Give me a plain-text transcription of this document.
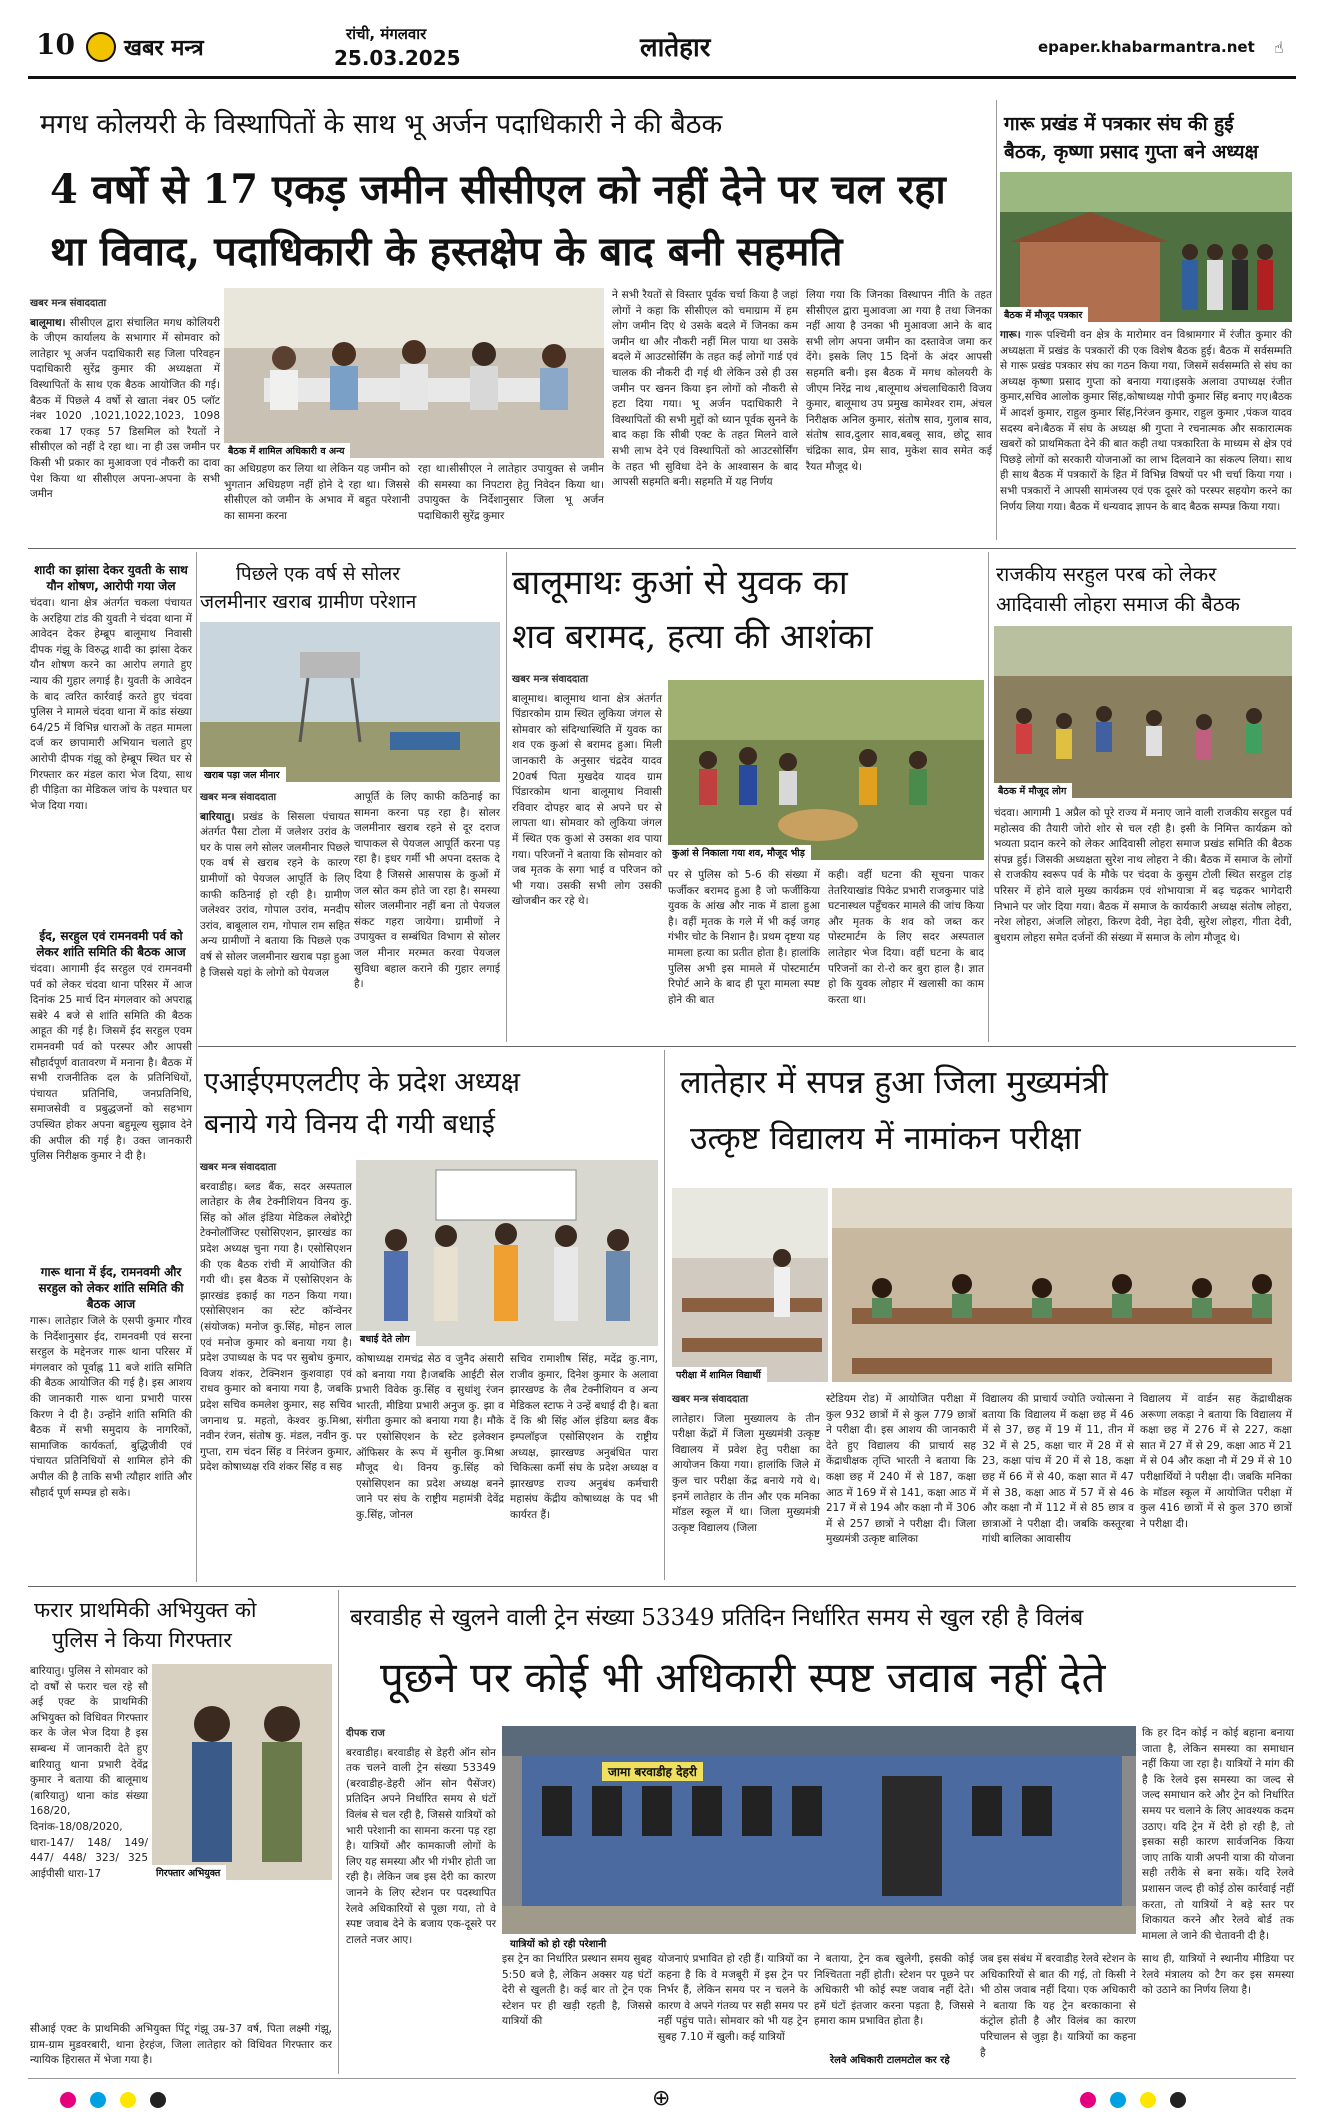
10 खबर मन्त्र
रांची, मंगलवार
25.03.2025	लातेहार	epaper.khabarmantra.net ☝
मगध कोलयरी के विस्थापितों के साथ भू अर्जन पदाधिकारी ने की बैठक
4 वर्षो से 17 एकड़ जमीन सीसीएल को नहीं देने पर चल रहा
था विवाद, पदाधिकारी के हस्तक्षेप के बाद बनी सहमति
खबर मन्त्र संवाददाता
बालूमाथ। सीसीएल द्वारा संचालित मगध कोलियरी के जीएम कार्यालय के सभागार में सोमवार को लातेहार भू अर्जन पदाधिकारी सह जिला परिवहन पदाधिकारी सुरेंद्र कुमार की अध्यक्षता में विस्थापितों के साथ एक बैठक आयोजित की गई। बैठक में पिछले 4 वर्षो से खाता नंबर 05 प्लॉट नंबर 1020 ,1021,1022,1023, 1098 रकबा 17 एकड़ 57 डिसमिल को रैयतों ने सीसीएल को नहीं दे रहा था। ना ही उस जमीन पर किसी भी प्रकार का मुआवजा एवं नौकरी का दावा पेश किया था सीसीएल अपना-अपना के सभी जमीन
बैठक में शामिल अधिकारी व अन्य
का अधिग्रहण कर लिया था लेकिन यह जमीन को भुगतान अधिग्रहण नहीं होने दे रहा था। जिससे सीसीएल को जमीन के अभाव में बहुत परेशानी का सामना करना
रहा था।सीसीएल ने लातेहार उपायुक्त से जमीन की समस्या का निपटारा हेतु निवेदन किया था। उपायुक्त के निर्देशानुसार जिला भू अर्जन पदाधिकारी सुरेंद्र कुमार
ने सभी रैयतों से विस्तार पूर्वक चर्चा किया है जहां लोगों ने कहा कि सीसीएल को चमाग्राम में हम लोग जमीन दिए थे उसके बदले में जिनका कम जमीन था और नौकरी नहीं मिल पाया था उसके बदले में आउटसोर्सिंग के तहत कई लोगों गार्ड एवं चालक की नौकरी दी गई थी लेकिन उसे ही उस जमीन पर खनन किया इन लोगों को नौकरी से हटा दिया गया। भू अर्जन पदाधिकारी ने विस्थापितों की सभी मुद्दों को ध्यान पूर्वक सुनने के बाद कहा कि सीबी एक्ट के तहत मिलने वाले सभी लाभ देने एवं विस्थापितों को आउटसोर्सिंग के तहत भी सुविधा देने के आश्वासन के बाद आपसी सहमति बनी। सहमति में यह निर्णय
लिया गया कि जिनका विस्थापन नीति के तहत सीसीएल द्वारा मुआवजा आ गया है तथा जिनका नहीं आया है उनका भी मुआवजा आने के बाद सभी लोग अपना जमीन का दस्तावेज जमा कर देंगे। इसके लिए 15 दिनों के अंदर आपसी सहमति बनी। इस बैठक में मगध कोलयरी के जीएम निरेंद्र नाथ ,बालूमाथ अंचलाधिकारी विजय कुमार, बालूमाथ उप प्रमुख कामेश्वर राम, अंचल निरीक्षक अनिल कुमार, संतोष साव, गुलाब साव, संतोष साव,दुलार साव,बबलू साव, छोटू साव चंद्रिका साव, प्रेम साव, मुकेश साव समेत कई रैयत मौजूद थे।
गारू प्रखंड में पत्रकार संघ की हुई
बैठक, कृष्णा प्रसाद गुप्ता बने अध्यक्ष
बैठक में मौजूद पत्रकार
गारू। गारू पश्चिमी वन क्षेत्र के मारोमार वन विश्रामगार में रंजीत कुमार की अध्यक्षता में प्रखंड के पत्रकारों की एक विशेष बैठक हुई। बैठक में सर्वसम्मति से गारू प्रखंड पत्रकार संघ का गठन किया गया, जिसमें सर्वसम्मति से संघ का अध्यक्ष कृष्णा प्रसाद गुप्ता को बनाया गया।इसके अलावा उपाध्यक्ष रंजीत कुमार,सचिव आलोक कुमार सिंह,कोषाध्यक्ष गोपी कुमार सिंह बनाए गए।बैठक में आदर्श कुमार, राहुल कुमार सिंह,निरंजन कुमार, राहुल कुमार ,पंकज यादव सदस्य बने।बैठक में संघ के अध्यक्ष श्री गुप्ता ने रचनात्मक और सकारात्मक खबरों को प्राथमिकता देने की बात कही तथा पत्रकारिता के माध्यम से क्षेत्र एवं पिछड़े लोगों को सरकारी योजनाओं का लाभ दिलवाने का संकल्प लिया। साथ ही साथ बैठक में पत्रकारों के हित में विभिन्न विषयों पर भी चर्चा किया गया ।सभी पत्रकारों ने आपसी सामंजस्य एवं एक दूसरे को परस्पर सहयोग करने का निर्णय लिया गया। बैठक में धन्यवाद ज्ञापन के बाद बैठक सम्पन्न किया गया।
शादी का झांसा देकर युवती के साथ यौन शोषण, आरोपी गया जेल
चंदवा। थाना क्षेत्र अंतर्गत चकला पंचायत के अरहिया टांड की युवती ने चंदवा थाना में आवेदन देकर हेम्ब्रूप बालूमाथ निवासी दीपक गंझू के विरुद्ध शादी का झांसा देकर यौन शोषण करने का आरोप लगाते हुए न्याय की गुहार लगाई है। युवती के आवेदन के बाद त्वरित कार्रवाई करते हुए चंदवा पुलिस ने मामले चंदवा थाना में कांड संख्या 64/25 में विभिन्न धाराओं के तहत मामला दर्ज कर छापामारी अभियान चलाते हुए आरोपी दीपक गंझू को हेम्ब्रूप स्थित घर से गिरफ्तार कर मंडल कारा भेज दिया, साथ ही पीड़िता का मेडिकल जांच के पश्चात घर भेज दिया गया।
ईद, सरहुल एवं रामनवमी पर्व को लेकर शांति समिति की बैठक आज
चंदवा। आगामी ईद सरहुल एवं रामनवमी पर्व को लेकर चंदवा थाना परिसर में आज दिनांक 25 मार्च दिन मंगलवार को अपराह्न सबेरे 4 बजे से शांति समिति की बैठक आहूत की गई है। जिसमें ईद सरहुल एवम रामनवमी पर्व को परस्पर और आपसी सौहार्दपूर्ण वातावरण में मनाना है। बैठक में सभी राजनीतिक दल के प्रतिनिधियों, पंचायत प्रतिनिधि, जनप्रतिनिधि, समाजसेवी व प्रबुद्धजनों को सहभाग उपस्थित होकर अपना बहुमूल्य सुझाव देने की अपील की गई है। उक्त जानकारी पुलिस निरीक्षक कुमार ने दी है।
गारू थाना में ईद, रामनवमी और सरहुल को लेकर शांति समिति की बैठक आज
गारू। लातेहार जिले के एसपी कुमार गौरव के निर्देशानुसार ईद, रामनवमी एवं सरना सरहुल के मद्देनजर गारू थाना परिसर में मंगलवार को पूर्वाह्न 11 बजे शांति समिति की बैठक आयोजित की गई है। इस आशय की जानकारी गारू थाना प्रभारी पारस किरण ने दी है। उन्होंने शांति समिति की बैठक में सभी समुदाय के नागरिकों, सामाजिक कार्यकर्ता, बुद्धिजीवी एवं पंचायत प्रतिनिधियों से शामिल होने की अपील की है ताकि सभी त्यौहार शांति और सौहार्द पूर्ण सम्पन्न हो सके।
पिछले एक वर्ष से सोलर
जलमीनार खराब ग्रामीण परेशान
खराब पड़ा जल मीनार
खबर मन्त्र संवाददाता
बारियातु। प्रखंड के सिसला पंचायत अंतर्गत पैसा टोला में जलेशर उरांव के घर के पास लगे सोलर जलमीनार पिछले एक वर्ष से खराब रहने के कारण ग्रामीणों को पेयजल आपूर्ति के लिए काफी कठिनाई हो रही है। ग्रामीण जलेश्वर उरांव, गोपाल उरांव, मनदीप उरांव, बाबूलाल राम, गोपाल राम सहित अन्य ग्रामीणों ने बताया कि पिछले एक वर्ष से सोलर जलमीनार खराब पड़ा हुआ है जिससे यहां के लोगो को पेयजल
आपूर्ति के लिए काफी कठिनाई का सामना करना पड़ रहा है। सोलर जलमीनार खराब रहने से दूर दराज चापाकल से पेयजल आपूर्ति करना पड़ रहा है। इधर गर्मी भी अपना दस्तक दे दिया है जिससे आसपास के कुओं में जल स्रोत कम होते जा रहा है। समस्या सोलर जलमीनार नहीं बना तो पेयजल संकट गहरा जायेगा। ग्रामीणों ने उपायुक्त व सम्बंधित विभाग से सोलर जल मीनार मरम्मत करवा पेयजल सुविधा बहाल कराने की गुहार लगाई है।
बालूमाथः कुआं से युवक का
शव बरामद, हत्या की आशंका
खबर मन्त्र संवाददाता
बालूमाथ। बालूमाथ थाना क्षेत्र अंतर्गत पिंडारकोम ग्राम स्थित लुकिया जंगल से सोमवार को संदिग्धास्थिति में युवक का शव एक कुआं से बरामद हुआ। मिली जानकारी के अनुसार चंद्रदेव यादव 20वर्ष पिता मुखदेव यादव ग्राम पिंडारकोम थाना बालूमाथ निवासी रविवार दोपहर बाद से अपने घर से लापता था। सोमवार को लुकिया जंगल में स्थित एक कुआं से उसका शव पाया गया। परिजनों ने बताया कि सोमवार को जब मृतक के सगा भाई व परिजन को भी गया। उसकी सभी लोग उसकी खोजबीन कर रहे थे।
कुआं से निकाला गया शव, मौजूद भीड़
पर से पुलिस को 5-6 की संख्या में फर्जीकर बरामद हुआ है जो फर्जीकिया युवक के आंख और नाक में डाला हुआ है। वहीं मृतक के गले में भी कई जगह गंभीर चोट के निशान है। प्रथम दृष्टया यह मामला हत्या का प्रतीत होता है। हालांकि पुलिस अभी इस मामले में पोस्टमार्टम रिपोर्ट आने के बाद ही पूरा मामला स्पष्ट होने की बात
कही। वहीं घटना की सूचना पाकर तेतरियाखांड पिकेट प्रभारी राजकुमार पांडे घटनास्थल पहुँचकर मामले की जांच किया और मृतक के शव को जब्त कर पोस्टमार्टम के लिए सदर अस्पताल लातेहार भेज दिया। वहीं घटना के बाद परिजनों का रो-रो कर बुरा हाल है। ज्ञात हो कि युवक लोहार में खलासी का काम करता था।
राजकीय सरहुल परब को लेकर
आदिवासी लोहरा समाज की बैठक
बैठक में मौजूद लोग
चंदवा। आगामी 1 अप्रैल को पूरे राज्य में मनाए जाने वाली राजकीय सरहुल पर्व महोत्सव की तैयारी जोरो शोर से चल रही है। इसी के निमित्त कार्यक्रम को भव्यता प्रदान करने को लेकर आदिवासी लोहरा समाज प्रखंड समिति की बैठक संपन्न हुई। जिसकी अध्यक्षता सुरेश नाथ लोहरा ने की। बैठक में समाज के लोगों से राजकीय स्वरूप पर्व के मौके पर चंदवा के कुसुम टोली स्थित सरहुल टांड़ परिसर में होने वाले मुख्य कार्यक्रम एवं शोभायात्रा में बढ़ चढ़कर भागेदारी निभाने पर जोर दिया गया। बैठक में समाज के कार्यकारी अध्यक्ष संतोष लोहरा, नरेश लोहरा, अंजलि लोहरा, किरण देवी, नेहा देवी, सुरेश लोहरा, गीता देवी, बुधराम लोहरा समेत दर्जनों की संख्या में समाज के लोग मौजूद थे।
एआईएमएलटीए के प्रदेश अध्यक्ष
बनाये गये विनय दी गयी बधाई
खबर मन्त्र संवाददाता
बरवाडीह। ब्लड बैंक, सदर अस्पताल लातेहार के लैब टेक्नीशियन विनय कु. सिंह को ऑल इंडिया मेडिकल लेबोरेट्री टेक्नोलॉजिस्ट एसोसिएशन, झारखंड का प्रदेश अध्यक्ष चुना गया है। एसोसिएशन की एक बैठक रांची में आयोजित की गयी थी। इस बैठक में एसोसिएशन के झारखंड इकाई का गठन किया गया। एसोसिएशन का स्टेट कॉन्वेनर (संयोजक) मनोज कु.सिंह, मोहन लाल एवं मनोज कुमार को बनाया गया है। प्रदेश उपाध्यक्ष के पद पर सुबोध कुमार, विजय शंकर, टेक्निशन कुशवाहा एवं राधव कुमार को बनाया गया है, जबकि प्रदेश सचिव कमलेश कुमार, सह सचिव जगनाथ प्र. महतो, केश्वर कु.मिश्रा, नवीन रंजन, संतोष कु. मंडल, नवीन कु. गुप्ता, राम चंदन सिंह व निरंजन कुमार, प्रदेश कोषाध्यक्ष रवि शंकर सिंह व सह
बधाई देते लोग
कोषाध्यक्ष रामचंद्र सेठ व जुनैद अंसारी को बनाया गया है।जबकि आईटी सेल प्रभारी विवेक कु.सिंह व सुधांशु रंजन भारती, मीडिया प्रभारी अनुज कु. झा व संगीता कुमार को बनाया गया है। मौके पर एसोसिएशन के स्टेट इलेक्शन ऑफिसर के रूप में सुनील कु.मिश्रा मौजूद थे। विनय कु.सिंह को एसोसिएशन का प्रदेश अध्यक्ष बनने जाने पर संघ के राष्ट्रीय महामंत्री देवेंद्र कु.सिंह, जोनल
सचिव रामाशीष सिंह, मदेंद्र कु.नाग, राजीव कुमार, दिनेश कुमार के अलावा झारखण्ड के लैब टेक्नीशियन व अन्य मेडिकल स्टाफ ने उन्हें बधाई दी है। बता दें कि श्री सिंह ऑल इंडिया ब्लड बैंक इम्पलॉइज एसोसिएशन के राष्ट्रीय अध्यक्ष, झारखण्ड अनुबंधित पारा चिकित्सा कर्मी संघ के प्रदेश अध्यक्ष व झारखण्ड राज्य अनुबंध कर्मचारी महासंघ केंद्रीय कोषाध्यक्ष के पद भी कार्यरत हैं।
लातेहार में सपन्न हुआ जिला मुख्यमंत्री
उत्कृष्ट विद्यालय में नामांकन परीक्षा
परीक्षा में शामिल विद्यार्थी
खबर मन्त्र संवाददाता
लातेहार। जिला मुख्यालय के तीन परीक्षा केंद्रों में जिला मुख्यमंत्री उत्कृष्ट विद्यालय में प्रवेश हेतु परीक्षा का आयोजन किया गया। हालांकि जिले में कुल चार परीक्षा केंद्र बनाये गये थे। इनमें लातेहार के तीन और एक मनिका मॉडल स्कूल में था। जिला मुख्यमंत्री उत्कृष्ट विद्यालय (जिला
स्टेडियम रोड) में आयोजित परीक्षा में कुल 932 छात्रों में से कुल 779 छात्रों ने परीक्षा दी। इस आशय की जानकारी देते हुए विद्यालय की प्राचार्य सह केंद्राधीक्षक तृप्ति भारती ने बताया कि कक्षा छह में 240 में से 187, कक्षा आठ में 169 में से 141, कक्षा आठ में 217 में से 194 और कक्षा नौ में 306 में से 257 छात्रों ने परीक्षा दी। जिला मुख्यमंत्री उत्कृष्ट बालिका
विद्यालय की प्राचार्य ज्योति ज्योत्सना ने बताया कि विद्यालय में कक्षा छह में 46 में से 37, छह में 19 में 11, तीन में 32 में से 25, कक्षा चार में 28 में से 23, कक्षा पांच में 20 में से 18, कक्षा छह में 66 में से 40, कक्षा सात में 47 में से 38, कक्षा आठ में 57 में से 46 और कक्षा नौ में 112 में से 85 छात्र व छात्राओं ने परीक्षा दी। जबकि कस्तूरबा गांधी बालिका आवासीय
विद्यालय में वार्डन सह केंद्राधीक्षक अरूणा लकड़ा ने बताया कि विद्यालय में कक्षा छह में 276 में से 227, कक्षा सात में 27 में से 29, कक्षा आठ में 21 में से 04 और कक्षा नौ में 29 में से 10 परीक्षार्थियों ने परीक्षा दी। जबकि मनिका के मॉडल स्कूल में आयोजित परीक्षा में कुल 416 छात्रों में से कुल 370 छात्रों ने परीक्षा दी।
फरार प्राथमिकी अभियुक्त को
पुलिस ने किया गिरफ्तार
बारियातु। पुलिस ने सोमवार को दो वर्षों से फरार चल रहे सौ अई एक्ट के प्राथमिकी अभियुक्त को विधिवत गिरफ्तार कर के जेल भेज दिया है इस सम्बन्ध में जानकारी देते हुए बारियातु थाना प्रभारी देवेंद्र कुमार ने बताया की बालूमाथ (बारियातु) थाना कांड संख्या 168/20, दिनांक-18/08/2020, धारा-147/ 148/ 149/ 447/ 448/ 323/ 325 आईपीसी धारा-17	गिरफ्तार अभियुक्त
सीआई एक्ट के प्राथमिकी अभियुक्त पिंटू गंझू उम्र-37 वर्ष, पिता लक्ष्मी गंझू, ग्राम-ग्राम मुडवरबारी, थाना हेरहंज, जिला लातेहार को विधिवत गिरफ्तार कर न्यायिक हिरासत में भेजा गया है।
बरवाडीह से खुलने वाली ट्रेन संख्या 53349 प्रतिदिन निर्धारित समय से खुल रही है विलंब
पूछने पर कोई भी अधिकारी स्पष्ट जवाब नहीं देते
दीपक राज
बरवाडीह। बरवाडीह से डेहरी ऑन सोन तक चलने वाली ट्रेन संख्या 53349 (बरवाडीह-डेहरी ऑन सोन पैसेंजर) प्रतिदिन अपने निर्धारित समय से घंटों विलंब से चल रही है, जिससे यात्रियों को भारी परेशानी का सामना करना पड़ रहा है। यात्रियों और कामकाजी लोगों के लिए यह समस्या और भी गंभीर होती जा रही है। लेकिन जब इस देरी का कारण जानने के लिए स्टेशन पर पदस्थापित रेलवे अधिकारियों से पूछा गया, तो वे स्पष्ट जवाब देने के बजाय एक-दूसरे पर टालते नजर आए।
जामा बरवाडीह देहरी
यात्रियों को हो रही परेशानी
इस ट्रेन का निर्धारित प्रस्थान समय सुबह 5:50 बजे है, लेकिन अक्सर यह घंटों देरी से खुलती है। कई बार तो ट्रेन एक स्टेशन पर ही खड़ी रहती है, जिससे यात्रियों की
योजनाएं प्रभावित हो रही हैं। यात्रियों का कहना है कि वे मजबूरी में इस ट्रेन पर निर्भर हैं, लेकिन समय पर न चलने के कारण वे अपने गंतव्य पर सही समय पर नहीं पहुंच पाते। सोमवार को भी यह ट्रेन सुबह 7.10 में खुली। कई यात्रियों
ने बताया, ट्रेन कब खुलेगी, इसकी कोई निश्चितता नहीं होती। स्टेशन पर पूछने पर अधिकारी भी कोई स्पष्ट जवाब नहीं देते। हमें घंटों इंतजार करना पड़ता है, जिससे हमारा काम प्रभावित होता है।
रेलवे अधिकारी टालमटोल कर रहे
जब इस संबंध में बरवाडीह रेलवे स्टेशन के अधिकारियों से बात की गई, तो किसी ने भी ठोस जवाब नहीं दिया। एक अधिकारी ने बताया कि यह ट्रेन बरकाकाना से कंट्रोल होती है और विलंब का कारण परिचालन से जुड़ा है। यात्रियों का कहना है
कि हर दिन कोई न कोई बहाना बनाया जाता है, लेकिन समस्या का समाधान नहीं किया जा रहा है। यात्रियों ने मांग की है कि रेलवे इस समस्या का जल्द से जल्द समाधान करे और ट्रेन को निर्धारित समय पर चलाने के लिए आवश्यक कदम उठाए। यदि ट्रेन में देरी हो रही है, तो इसका सही कारण सार्वजनिक किया जाए ताकि यात्री अपनी यात्रा की योजना सही तरीके से बना सकें। यदि रेलवे प्रशासन जल्द ही कोई ठोस कार्रवाई नहीं करता, तो यात्रियों ने बड़े स्तर पर शिकायत करने और रेलवे बोर्ड तक मामला ले जाने की चेतावनी दी है।
साथ ही, यात्रियों ने स्थानीय मीडिया पर रेलवे मंत्रालय को टैग कर इस समस्या को उठाने का निर्णय लिया है।
⊕
